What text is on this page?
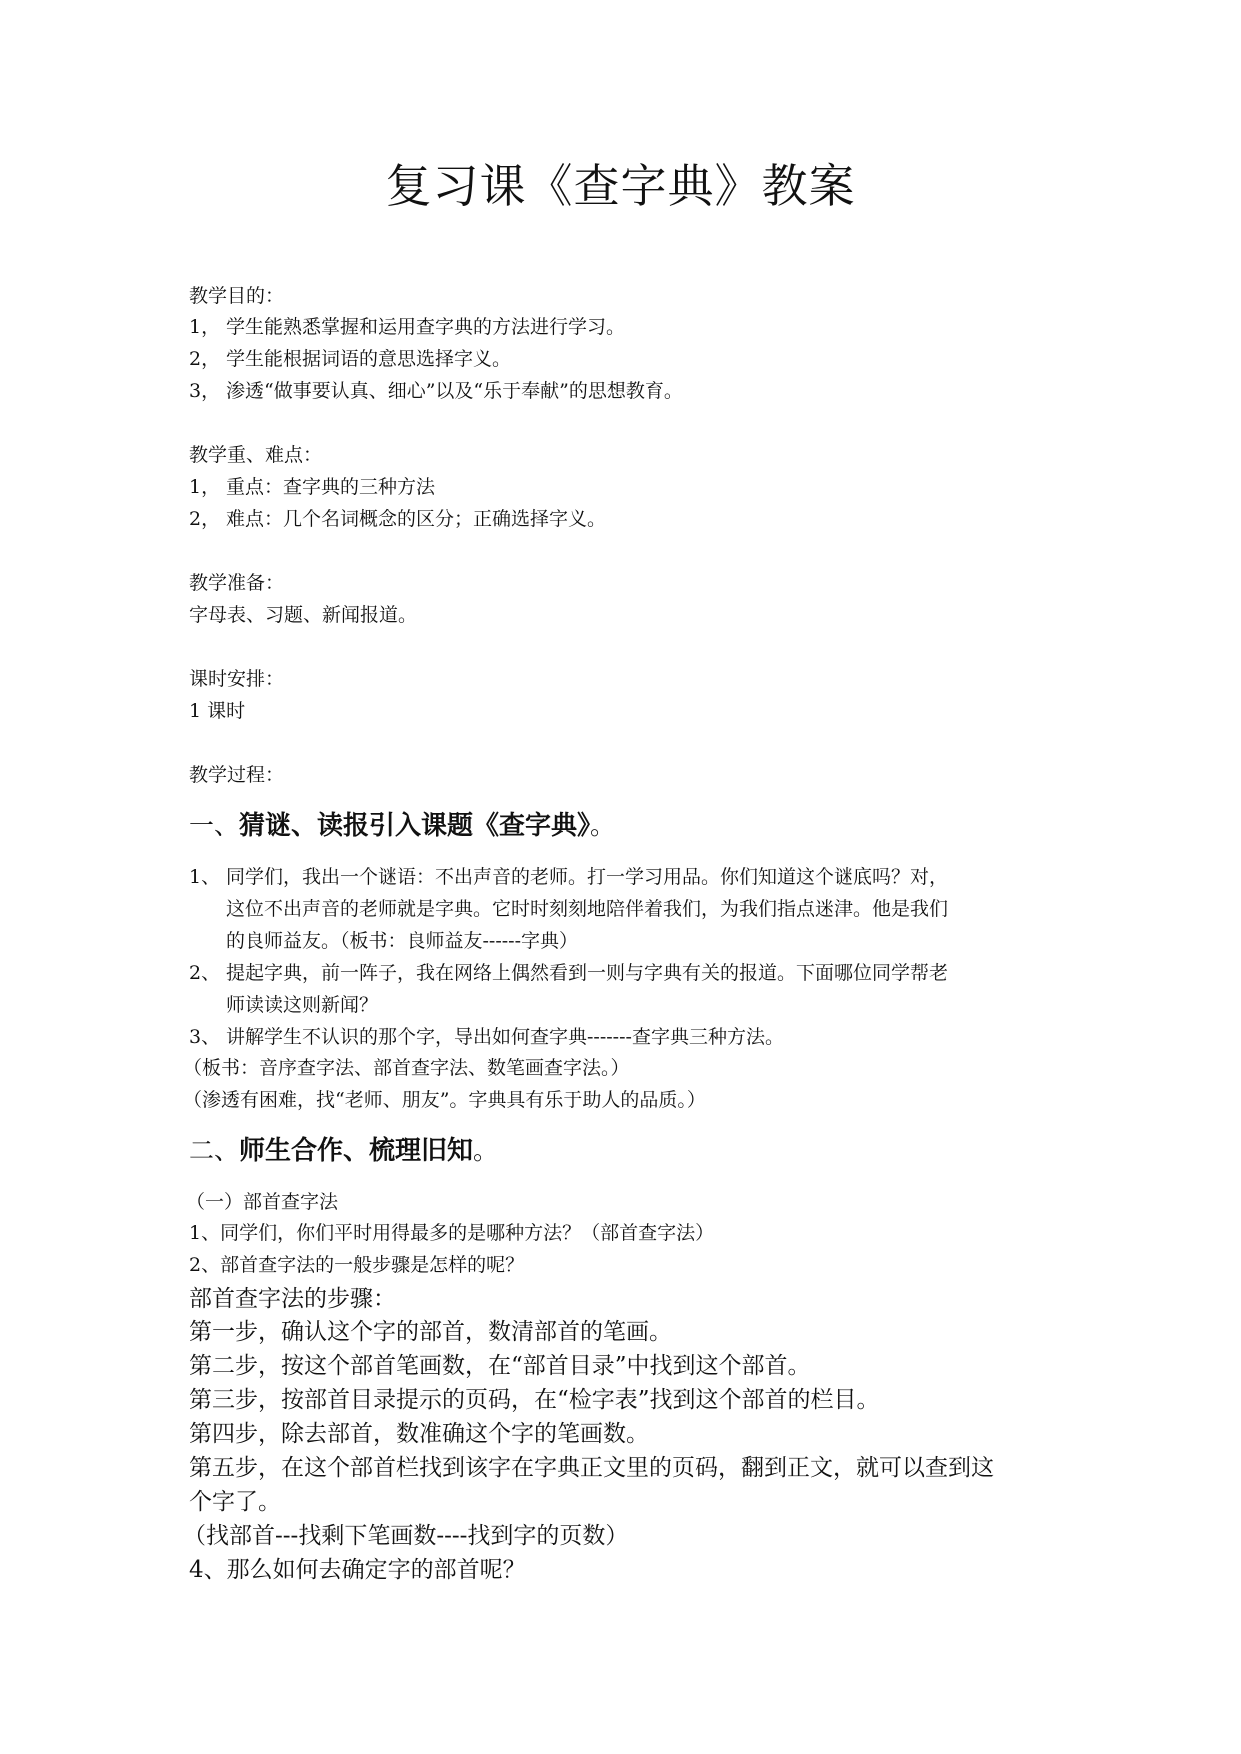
复习课《查字典》教案
教学目的：
1， 学生能熟悉掌握和运用查字典的方法进行学习。
2， 学生能根据词语的意思选择字义。
3， 渗透“做事要认真、细心”以及“乐于奉献”的思想教育。
教学重、难点：
1， 重点：查字典的三种方法
2， 难点：几个名词概念的区分；正确选择字义。
教学准备：
字母表、习题、新闻报道。
课时安排：
1 课时
教学过程：
一、猜谜、读报引入课题《查字典》。
1、 同学们，我出一个谜语：不出声音的老师。打一学习用品。你们知道这个谜底吗？对，
这位不出声音的老师就是字典。它时时刻刻地陪伴着我们，为我们指点迷津。他是我们
的良师益友。（板书：良师益友------字典）
2、 提起字典，前一阵子，我在网络上偶然看到一则与字典有关的报道。下面哪位同学帮老
师读读这则新闻？
3、 讲解学生不认识的那个字，导出如何查字典-------查字典三种方法。
（板书：音序查字法、部首查字法、数笔画查字法。）
（渗透有困难，找“老师、朋友”。字典具有乐于助人的品质。）
二、师生合作、梳理旧知。
（一）部首查字法
1、同学们，你们平时用得最多的是哪种方法？（部首查字法）
2、部首查字法的一般步骤是怎样的呢？
部首查字法的步骤：
第一步，确认这个字的部首，数清部首的笔画。
第二步，按这个部首笔画数，在“部首目录”中找到这个部首。
第三步，按部首目录提示的页码，在“检字表”找到这个部首的栏目。
第四步，除去部首，数准确这个字的笔画数。
第五步，在这个部首栏找到该字在字典正文里的页码，翻到正文，就可以查到这
个字了。
（找部首---找剩下笔画数----找到字的页数）
4、那么如何去确定字的部首呢？
